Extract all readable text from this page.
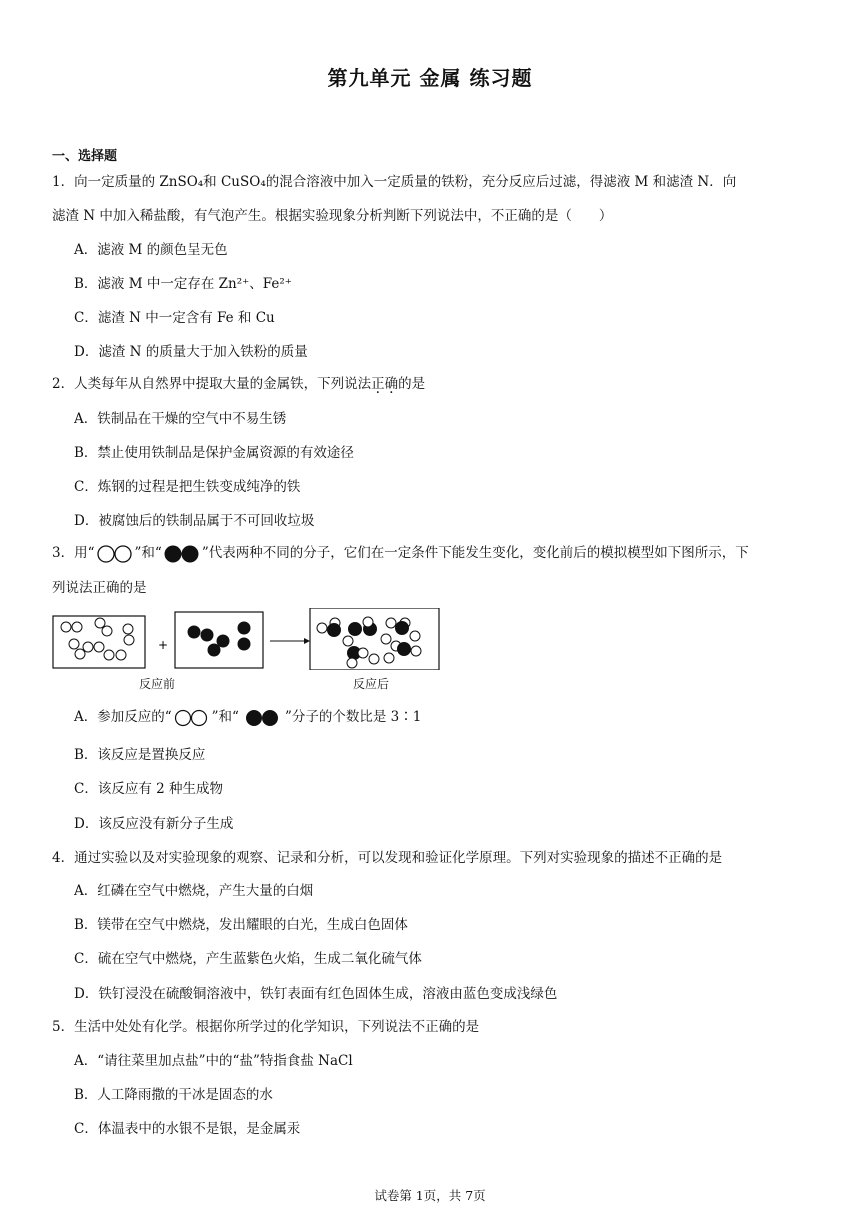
第九单元 金属 练习题
一、选择题
1．向一定质量的 ZnSO₄和 CuSO₄的混合溶液中加入一定质量的铁粉，充分反应后过滤，得滤液 M 和滤渣 N．向
滤渣 N 中加入稀盐酸，有气泡产生。根据实验现象分析判断下列说法中，不正确的是（　　）
A．滤液 M 的颜色呈无色
B．滤液 M 中一定存在 Zn²⁺、Fe²⁺
C．滤渣 N 中一定含有 Fe 和 Cu
D．滤渣 N 的质量大于加入铁粉的质量
2．人类每年从自然界中提取大量的金属铁，下列说法正确的是
A．铁制品在干燥的空气中不易生锈
B．禁止使用铁制品是保护金属资源的有效途径
C．炼钢的过程是把生铁变成纯净的铁
D．被腐蚀后的铁制品属于不可回收垃圾
3．用“	”和“	”代表两种不同的分子，它们在一定条件下能发生变化，变化前后的模拟模型如下图所示，下
列说法正确的是
+
反应前	反应后
A．参加反应的“	”和“	”分子的个数比是 3∶1
B．该反应是置换反应
C．该反应有 2 种生成物
D．该反应没有新分子生成
4．通过实验以及对实验现象的观察、记录和分析，可以发现和验证化学原理。下列对实验现象的描述不正确的是
A．红磷在空气中燃烧，产生大量的白烟
B．镁带在空气中燃烧，发出耀眼的白光，生成白色固体
C．硫在空气中燃烧，产生蓝紫色火焰，生成二氧化硫气体
D．铁钉浸没在硫酸铜溶液中，铁钉表面有红色固体生成，溶液由蓝色变成浅绿色
5．生活中处处有化学。根据你所学过的化学知识，下列说法不正确的是
A．“请往菜里加点盐”中的“盐”特指食盐 NaCl
B．人工降雨撒的干冰是固态的水
C．体温表中的水银不是银，是金属汞
试卷第 1页，共 7页
